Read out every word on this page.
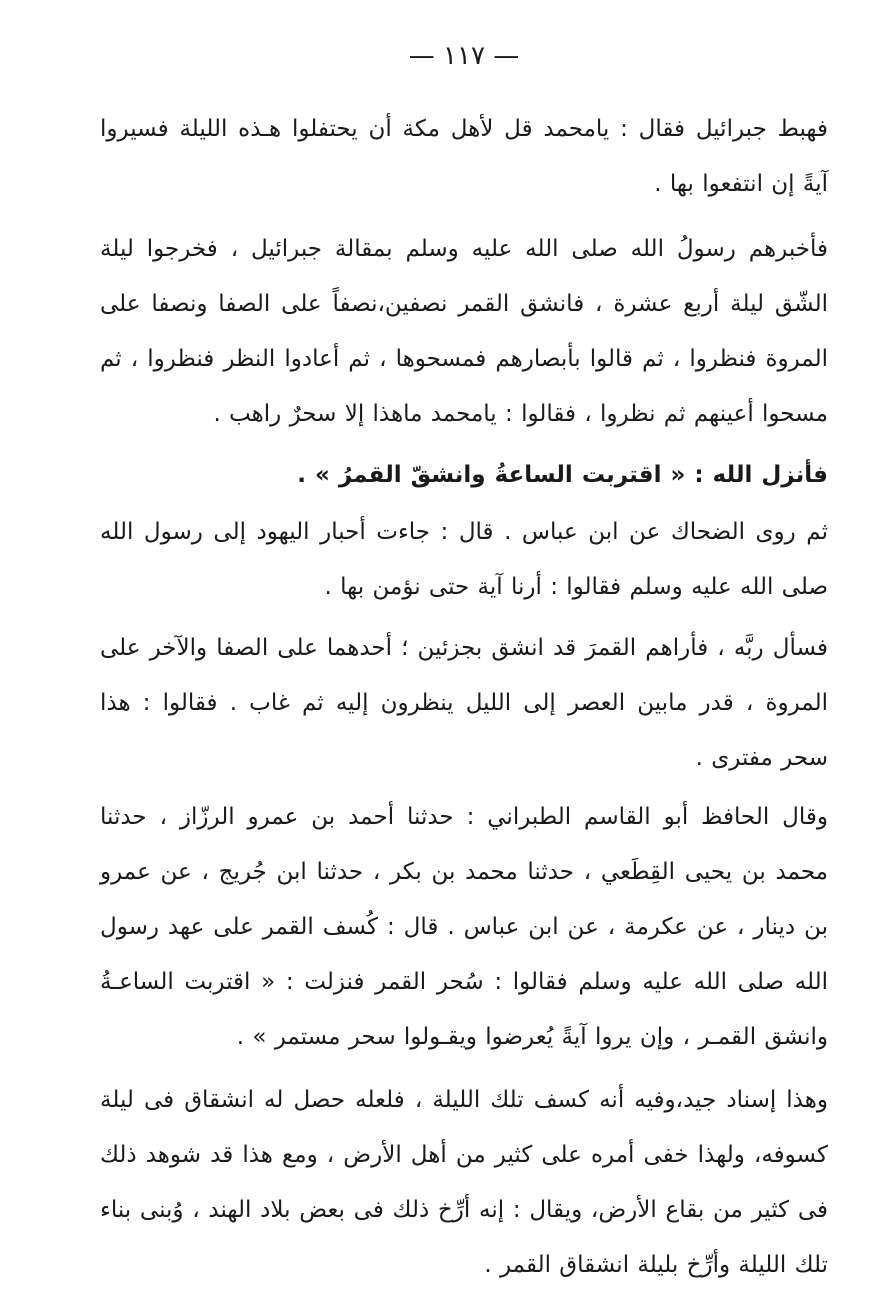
— ١١٧ —

فهبط جبرائيل فقال : يامحمد قل لأهل مكة أن يحتفلوا هـذه الليلة فسيروا آيةً إن انتفعوا بها .

فأخبرهم رسولُ الله صلى الله عليه وسلم بمقالة جبرائيل ، فخرجوا ليلة الشّق ليلة أربع عشرة ، فانشق القمر نصفين،نصفاً على الصفا ونصفا على المروة فنظروا ، ثم قالوا بأبصارهم فمسحوها ، ثم أعادوا النظر فنظروا ، ثم مسحوا أعينهم ثم نظروا ، فقالوا : يامحمد ماهذا إلا سحرٌ راهب .

فأنزل الله : « اقتربت الساعةُ وانشقّ القمرُ » .

ثم روى الضحاك عن ابن عباس . قال : جاءت أحبار اليهود إلى رسول الله صلى الله عليه وسلم فقالوا : أرنا آية حتى نؤمن بها .

فسأل ربَّه ، فأراهم القمرَ قد انشق بجزئين ؛ أحدهما على الصفا والآخر على المروة ، قدر مابين العصر إلى الليل ينظرون إليه ثم غاب . فقالوا : هذا سحر مفترى .

وقال الحافظ أبو القاسم الطبراني : حدثنا أحمد بن عمرو الرزّاز ، حدثنا محمد بن يحيى القِطَعي ، حدثنا محمد بن بكر ، حدثنا ابن جُريج ، عن عمرو بن دينار ، عن عكرمة ، عن ابن عباس . قال : كُسف القمر على عهد رسول الله صلى الله عليه وسلم فقالوا : سُحر القمر فنزلت : « اقتربت الساعـةُ وانشق القمـر ، وإن يروا آيةً يُعرضوا ويقـولوا سحر مستمر » .

وهذا إسناد جيد،وفيه أنه كسف تلك الليلة ، فلعله حصل له انشقاق فى ليلة كسوفه، ولهذا خفى أمره على كثير من أهل الأرض ، ومع هذا قد شوهد ذلك فى كثير من بقاع الأرض، ويقال : إنه أرِّخ ذلك فى بعض بلاد الهند ، وُبنى بناء تلك الليلة وأرِّخ بليلة انشقاق القمر .
